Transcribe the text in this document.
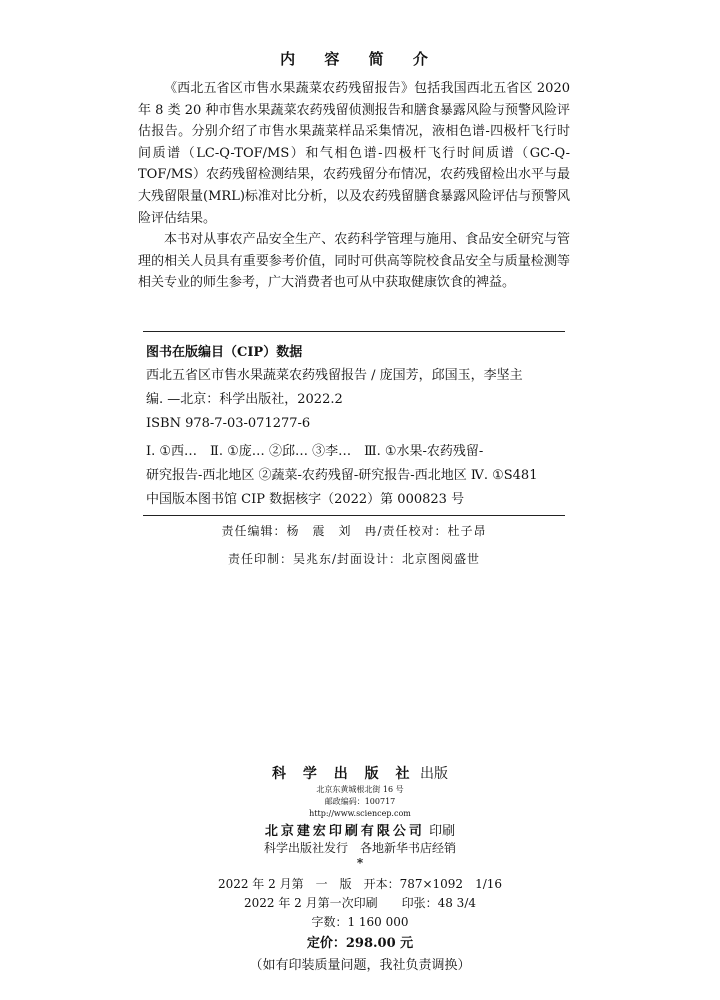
内 容 简 介

《西北五省区市售水果蔬菜农药残留报告》包括我国西北五省区 2020 年 8 类 20 种市售水果蔬菜农药残留侦测报告和膳食暴露风险与预警风险评估报告。分别介绍了市售水果蔬菜样品采集情况，液相色谱-四极杆飞行时间质谱（LC-Q-TOF/MS）和气相色谱-四极杆飞行时间质谱（GC-Q-TOF/MS）农药残留检测结果，农药残留分布情况，农药残留检出水平与最大残留限量(MRL)标准对比分析，以及农药残留膳食暴露风险评估与预警风险评估结果。

本书对从事农产品安全生产、农药科学管理与施用、食品安全研究与管理的相关人员具有重要参考价值，同时可供高等院校食品安全与质量检测等相关专业的师生参考，广大消费者也可从中获取健康饮食的裨益。

图书在版编目（CIP）数据
西北五省区市售水果蔬菜农药残留报告 / 庞国芳，邱国玉，李坚主
编. —北京：科学出版社，2022.2
ISBN 978-7-03-071277-6
Ⅰ. ①西…　Ⅱ. ①庞… ②邱… ③李…　Ⅲ. ①水果-农药残留-
研究报告-西北地区 ②蔬菜-农药残留-研究报告-西北地区 Ⅳ. ①S481
中国版本图书馆 CIP 数据核字（2022）第 000823 号
责任编辑：杨　震　刘　冉/责任校对：杜子昂
责任印制：吴兆东/封面设计：北京图阅盛世
科 学 出 版 社 出版
北京东黄城根北街 16 号
邮政编码：100717
http://www.sciencep.com
北京建宏印刷有限公司 印刷
科学出版社发行　各地新华书店经销
*
2022 年 2 月第　一　版　开本：787×1092　1/16
2022 年 2 月第一次印刷　　印张：48 3/4
字数：1 160 000
定价：298.00 元
（如有印装质量问题，我社负责调换）
